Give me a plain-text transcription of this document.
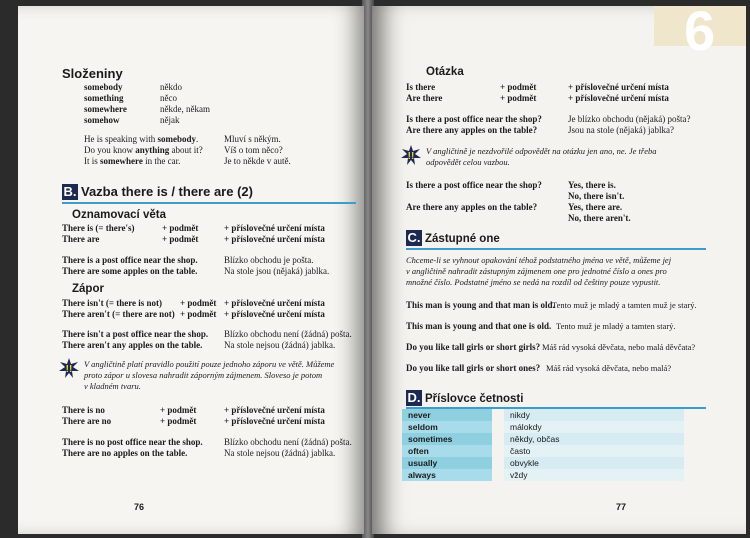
Složeniny
somebody	někdo
something	něco
somewhere	někde, někam
somehow	nějak
He is speaking with somebody.	Mluví s někým.
Do you know anything about it? Víš o tom něco?
It is somewhere in the car.	Je to někde v autě.
B. Vazba there is / there are (2)
Oznamovací věta
There is (= there's)	+ podmět	+ příslovečné určení místa
There are	+ podmět	+ příslovečné určení místa
There is a post office near the shop.	Blízko obchodu je pošta.
There are some apples on the table.	Na stole jsou (nějaká) jablka.
Zápor
There isn't (= there is not) + podmět + příslovečné určení místa
There aren't (= there are not) + podmět + příslovečné určení místa
There isn't a post office near the shop. Blízko obchodu není (žádná) pošta.
There aren't any apples on the table. Na stole nejsou (žádná) jablka.
!! V angličtině platí pravidlo použití pouze jednoho záporu ve větě. Můžeme
proto zápor u slovesa nahradit záporným zájmenem. Sloveso je potom
v kladném tvaru.
There is no	+ podmět	+ příslovečné určení místa
There are no	+ podmět	+ příslovečné určení místa
There is no post office near the shop. Blízko obchodu není (žádná) pošta.
There are no apples on the table.	Na stole nejsou (žádná) jablka.
76
6
Otázka
Is there	+ podmět	+ příslovečné určení místa
Are there	+ podmět	+ příslovečné určení místa
Is there a post office near the shop?	Je blízko obchodu (nějaká) pošta?
Are there any apples on the table?	Jsou na stole (nějaká) jablka?
!! V angličtině je nezdvořilé odpovědět na otázku jen ano, ne. Je třeba
odpovědět celou vazbou.
Is there a post office near the shop?	Yes, there is.
No, there isn't.
Are there any apples on the table?	Yes, there are.
No, there aren't.
C. Zástupné one
Chceme-li se vyhnout opakování téhož podstatného jména ve větě, můžeme jej
v angličtině nahradit zástupným zájmenem one pro jednotné číslo a ones pro
množné číslo. Podstatné jméno se nedá na rozdíl od češtiny pouze vypustit.
This man is young and that man is old.
Tento muž je mladý a tamten muž je starý.
This man is young and that one is old. Tento muž je mladý a tamten starý.
Do you like tall girls or short girls? Máš rád vysoká děvčata, nebo malá děvčata?
Do you like tall girls or short ones? Máš rád vysoká děvčata, nebo malá?
D. Příslovce četnosti
never	nikdy
seldom	málokdy
sometimes	někdy, občas
often	často
usually	obvykle
always	vždy
77
